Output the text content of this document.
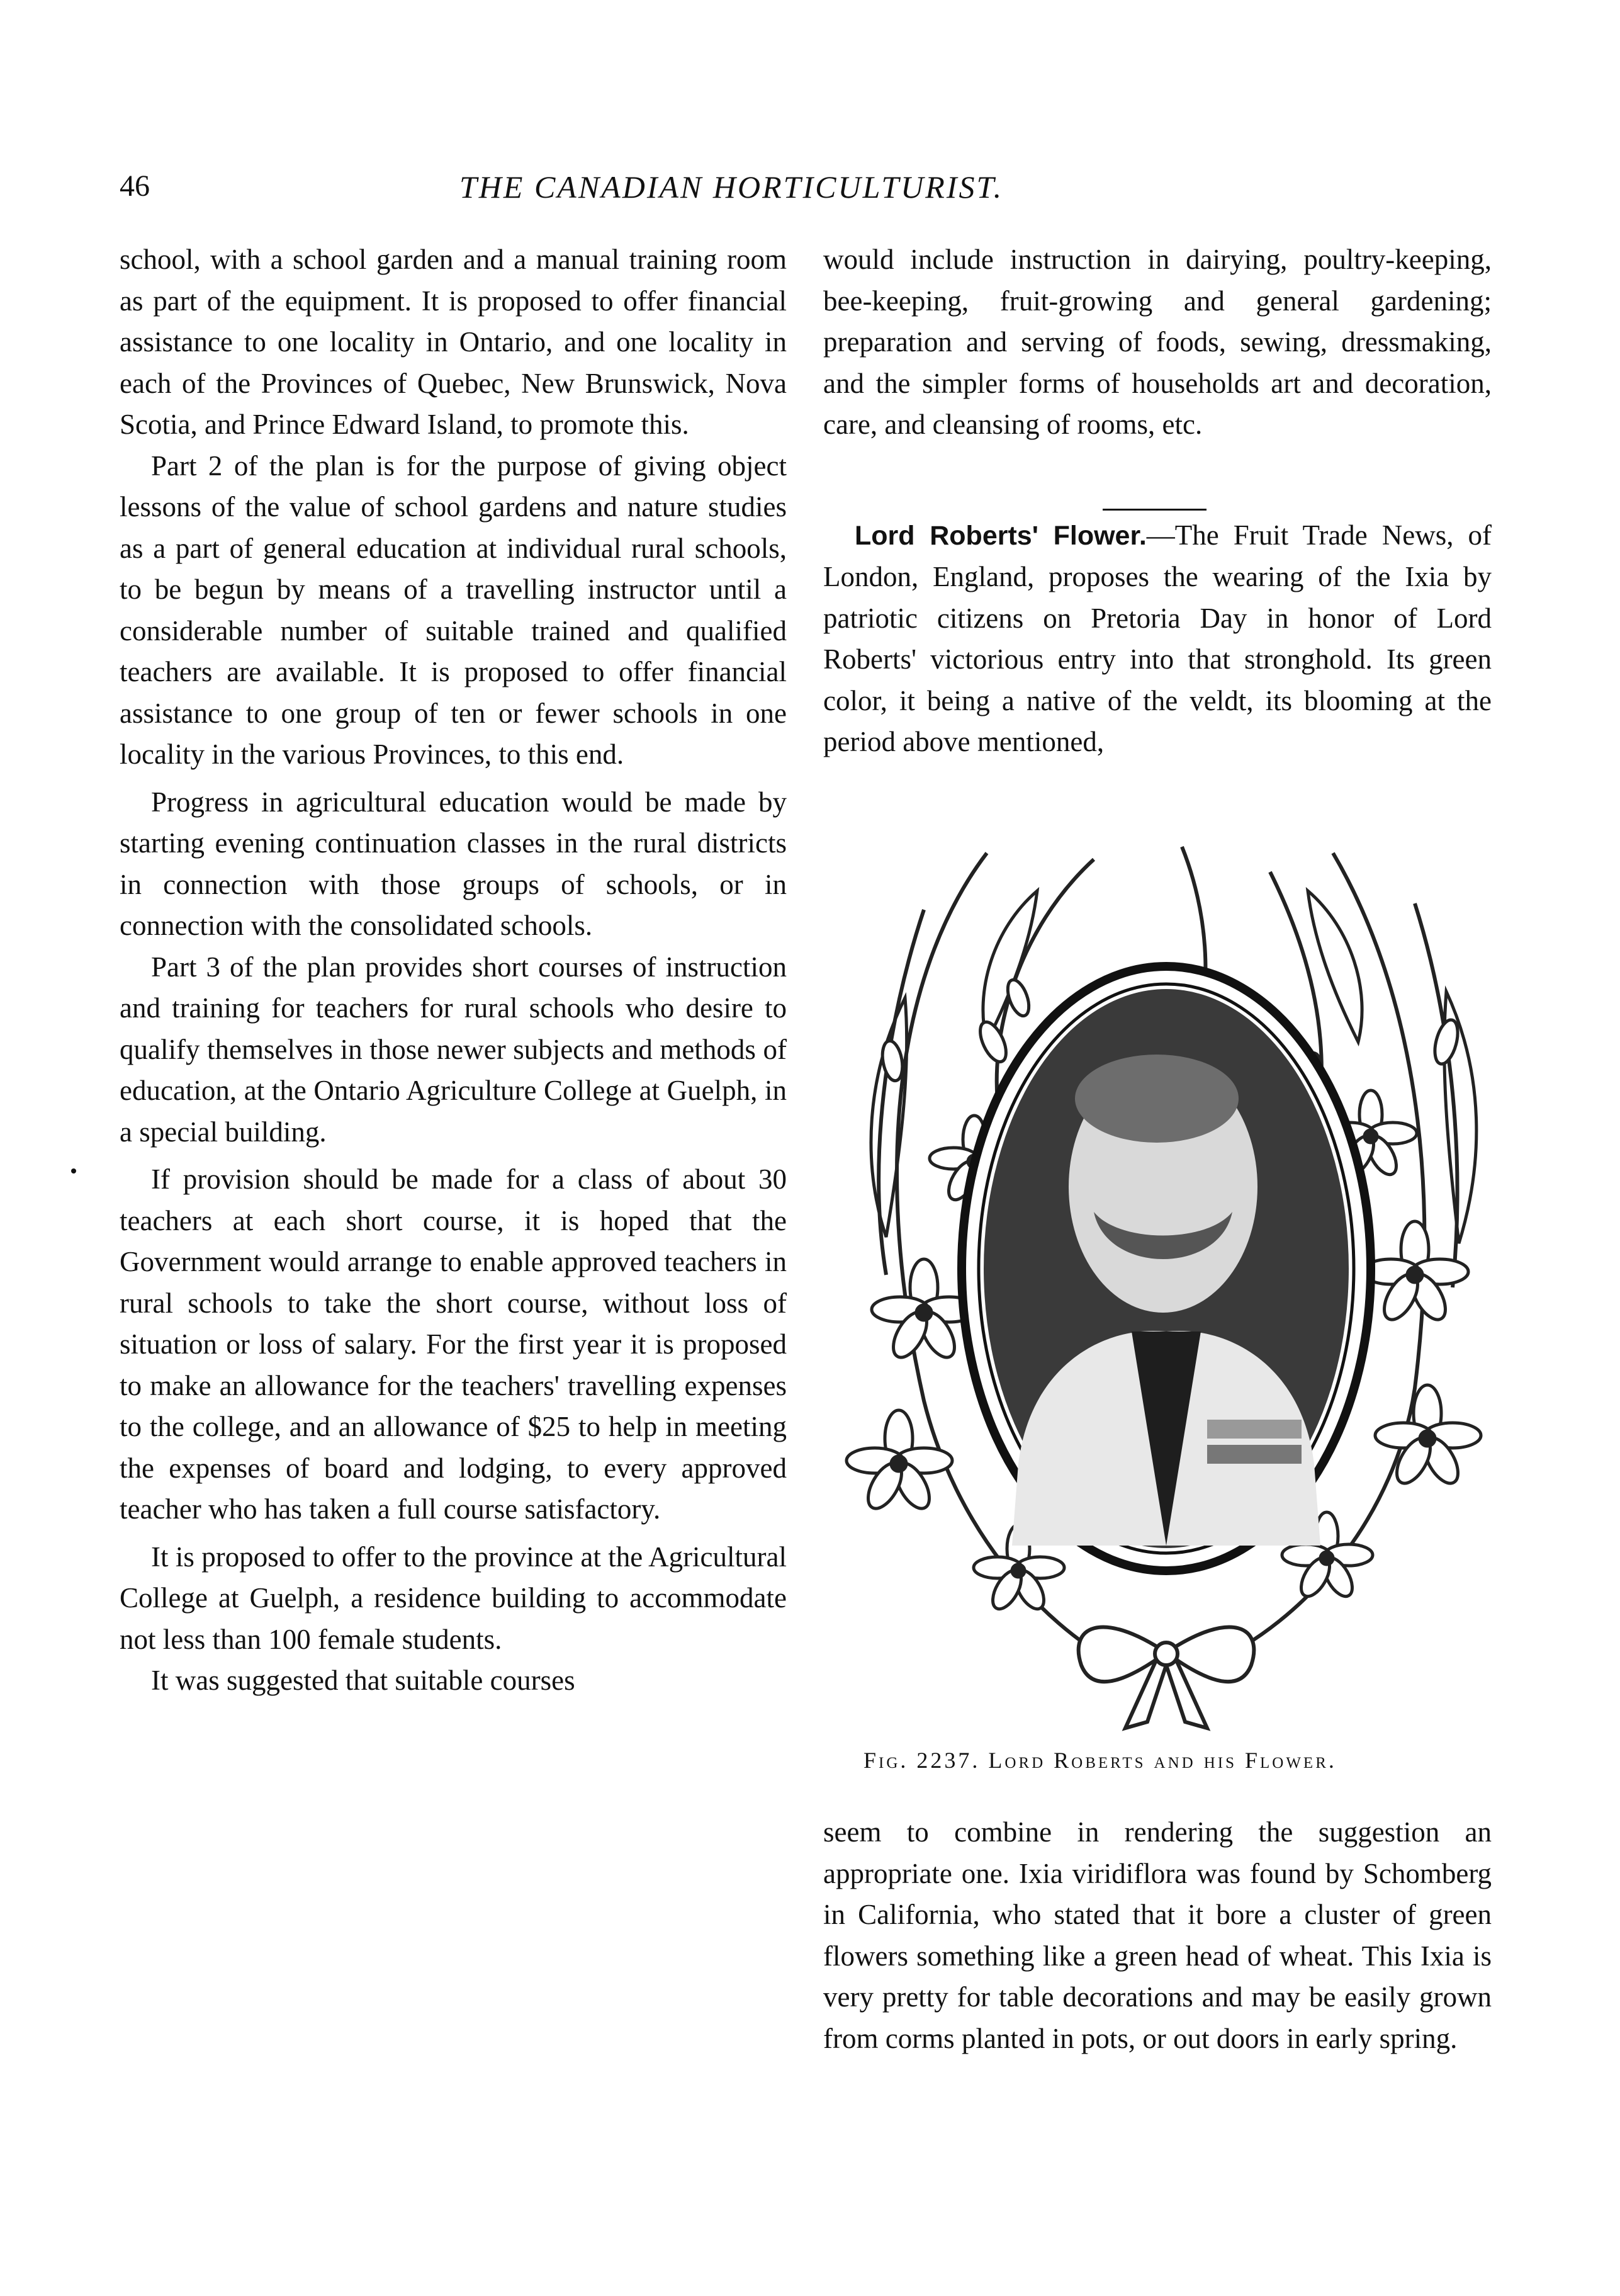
46	THE CANADIAN HORTICULTURIST.

school, with a school garden and a manual training room as part of the equipment. It is proposed to offer financial assistance to one locality in Ontario, and one locality in each of the Provinces of Quebec, New Brunswick, Nova Scotia, and Prince Edward Island, to promote this.

Part 2 of the plan is for the purpose of giving object lessons of the value of school gardens and nature studies as a part of general education at individual rural schools, to be begun by means of a travelling instructor until a considerable number of suitable trained and qualified teachers are available. It is proposed to offer financial assistance to one group of ten or fewer schools in one locality in the various Provinces, to this end.

Progress in agricultural education would be made by starting evening continuation classes in the rural districts in connection with those groups of schools, or in connection with the consolidated schools.

Part 3 of the plan provides short courses of instruction and training for teachers for rural schools who desire to qualify themselves in those newer subjects and methods of education, at the Ontario Agriculture College at Guelph, in a special building.

If provision should be made for a class of about 30 teachers at each short course, it is hoped that the Government would arrange to enable approved teachers in rural schools to take the short course, without loss of situation or loss of salary. For the first year it is proposed to make an allowance for the teachers' travelling expenses to the college, and an allowance of $25 to help in meeting the expenses of board and lodging, to every approved teacher who has taken a full course satisfactory.

It is proposed to offer to the province at the Agricultural College at Guelph, a residence building to accommodate not less than 100 female students.

It was suggested that suitable courses

would include instruction in dairying, poultry-keeping, bee-keeping, fruit-growing and general gardening; preparation and serving of foods, sewing, dressmaking, and the simpler forms of households art and decoration, care, and cleansing of rooms, etc.

Lord Roberts' Flower.—The Fruit Trade News, of London, England, proposes the wearing of the Ixia by patriotic citizens on Pretoria Day in honor of Lord Roberts' victorious entry into that stronghold. Its green color, it being a native of the veldt, its blooming at the period above mentioned,

Fig. 2237. Lord Roberts and his Flower.

seem to combine in rendering the suggestion an appropriate one. Ixia viridiflora was found by Schomberg in California, who stated that it bore a cluster of green flowers something like a green head of wheat. This Ixia is very pretty for table decorations and may be easily grown from corms planted in pots, or out doors in early spring.
